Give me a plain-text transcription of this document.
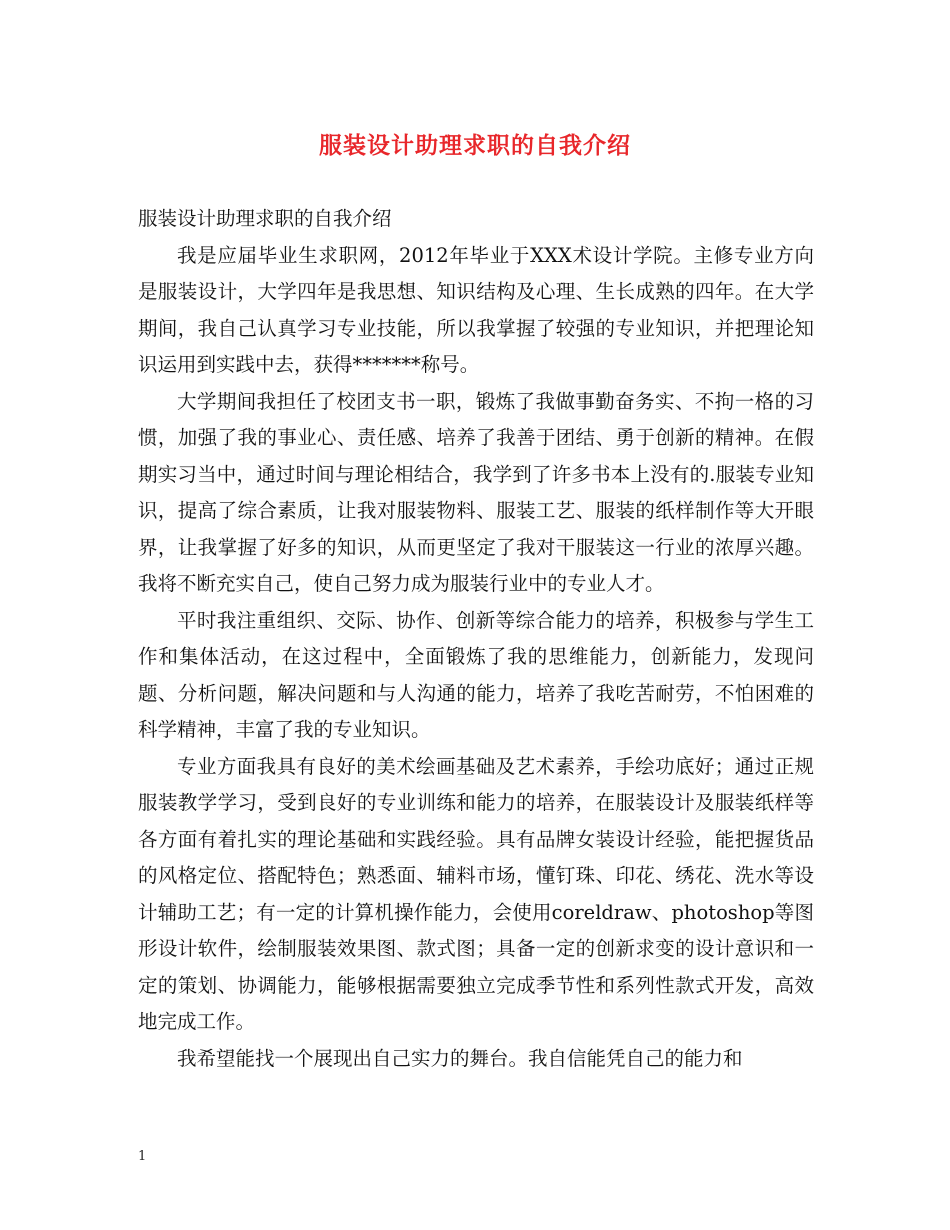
服装设计助理求职的自我介绍

服装设计助理求职的自我介绍

我是应届毕业生求职网，2012年毕业于XXX术设计学院。主修专业方向是服装设计，大学四年是我思想、知识结构及心理、生长成熟的四年。在大学期间，我自己认真学习专业技能，所以我掌握了较强的专业知识，并把理论知识运用到实践中去，获得*******称号。

大学期间我担任了校团支书一职，锻炼了我做事勤奋务实、不拘一格的习惯，加强了我的事业心、责任感、培养了我善于团结、勇于创新的精神。在假期实习当中，通过时间与理论相结合，我学到了许多书本上没有的.服装专业知识，提高了综合素质，让我对服装物料、服装工艺、服装的纸样制作等大开眼界，让我掌握了好多的知识，从而更坚定了我对干服装这一行业的浓厚兴趣。我将不断充实自己，使自己努力成为服装行业中的专业人才。

平时我注重组织、交际、协作、创新等综合能力的培养，积极参与学生工作和集体活动，在这过程中，全面锻炼了我的思维能力，创新能力，发现问题、分析问题，解决问题和与人沟通的能力，培养了我吃苦耐劳，不怕困难的科学精神，丰富了我的专业知识。

专业方面我具有良好的美术绘画基础及艺术素养，手绘功底好；通过正规服装教学学习，受到良好的专业训练和能力的培养，在服装设计及服装纸样等各方面有着扎实的理论基础和实践经验。具有品牌女装设计经验，能把握货品的风格定位、搭配特色；熟悉面、辅料市场，懂钉珠、印花、绣花、洗水等设计辅助工艺；有一定的计算机操作能力，会使用coreldraw、photoshop等图形设计软件，绘制服装效果图、款式图；具备一定的创新求变的设计意识和一定的策划、协调能力，能够根据需要独立完成季节性和系列性款式开发，高效地完成工作。

我希望能找一个展现出自己实力的舞台。我自信能凭自己的能力和

1
